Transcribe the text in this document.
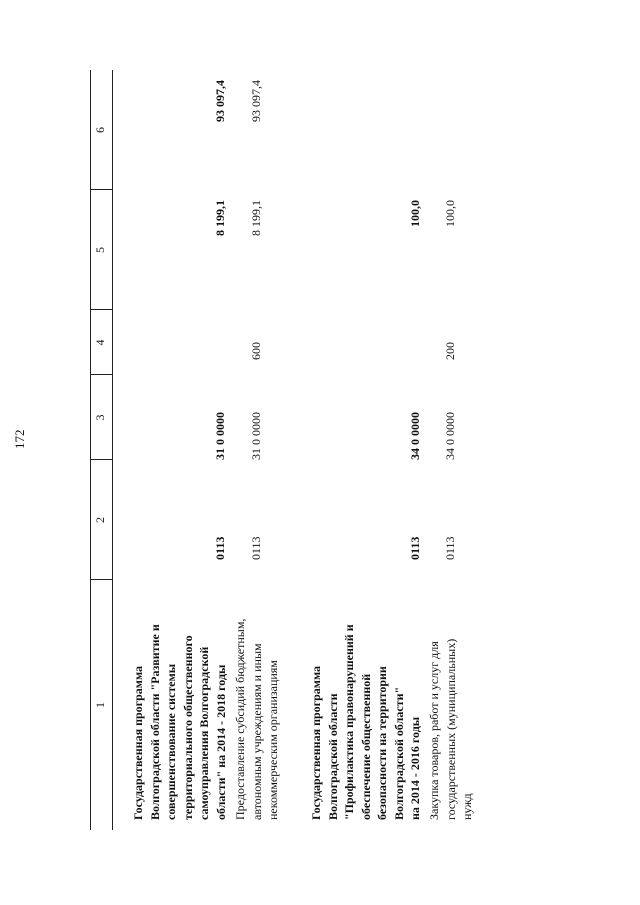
172
1
2
3
4
5
6
Государственная программа Волгоградской области "Развитие и совершенствование системы территориального общественного самоуправления Волгоградской области" на 2014 - 2018 годы
0113
31 0 0000
8 199,1
93 097,4
Предоставление субсидий бюджетным, автономным учреждениям и иным некоммерческим организациям
0113
31 0 0000
600
8 199,1
93 097,4
Государственная программа Волгоградской области "Профилактика правонарушений и обеспечение общественной безопасности на территории Волгоградской области" на 2014 - 2016 годы
0113
34 0 0000
100,0
Закупка товаров, работ и услуг для государственных (муниципальных) нужд
0113
34 0 0000
200
100,0
